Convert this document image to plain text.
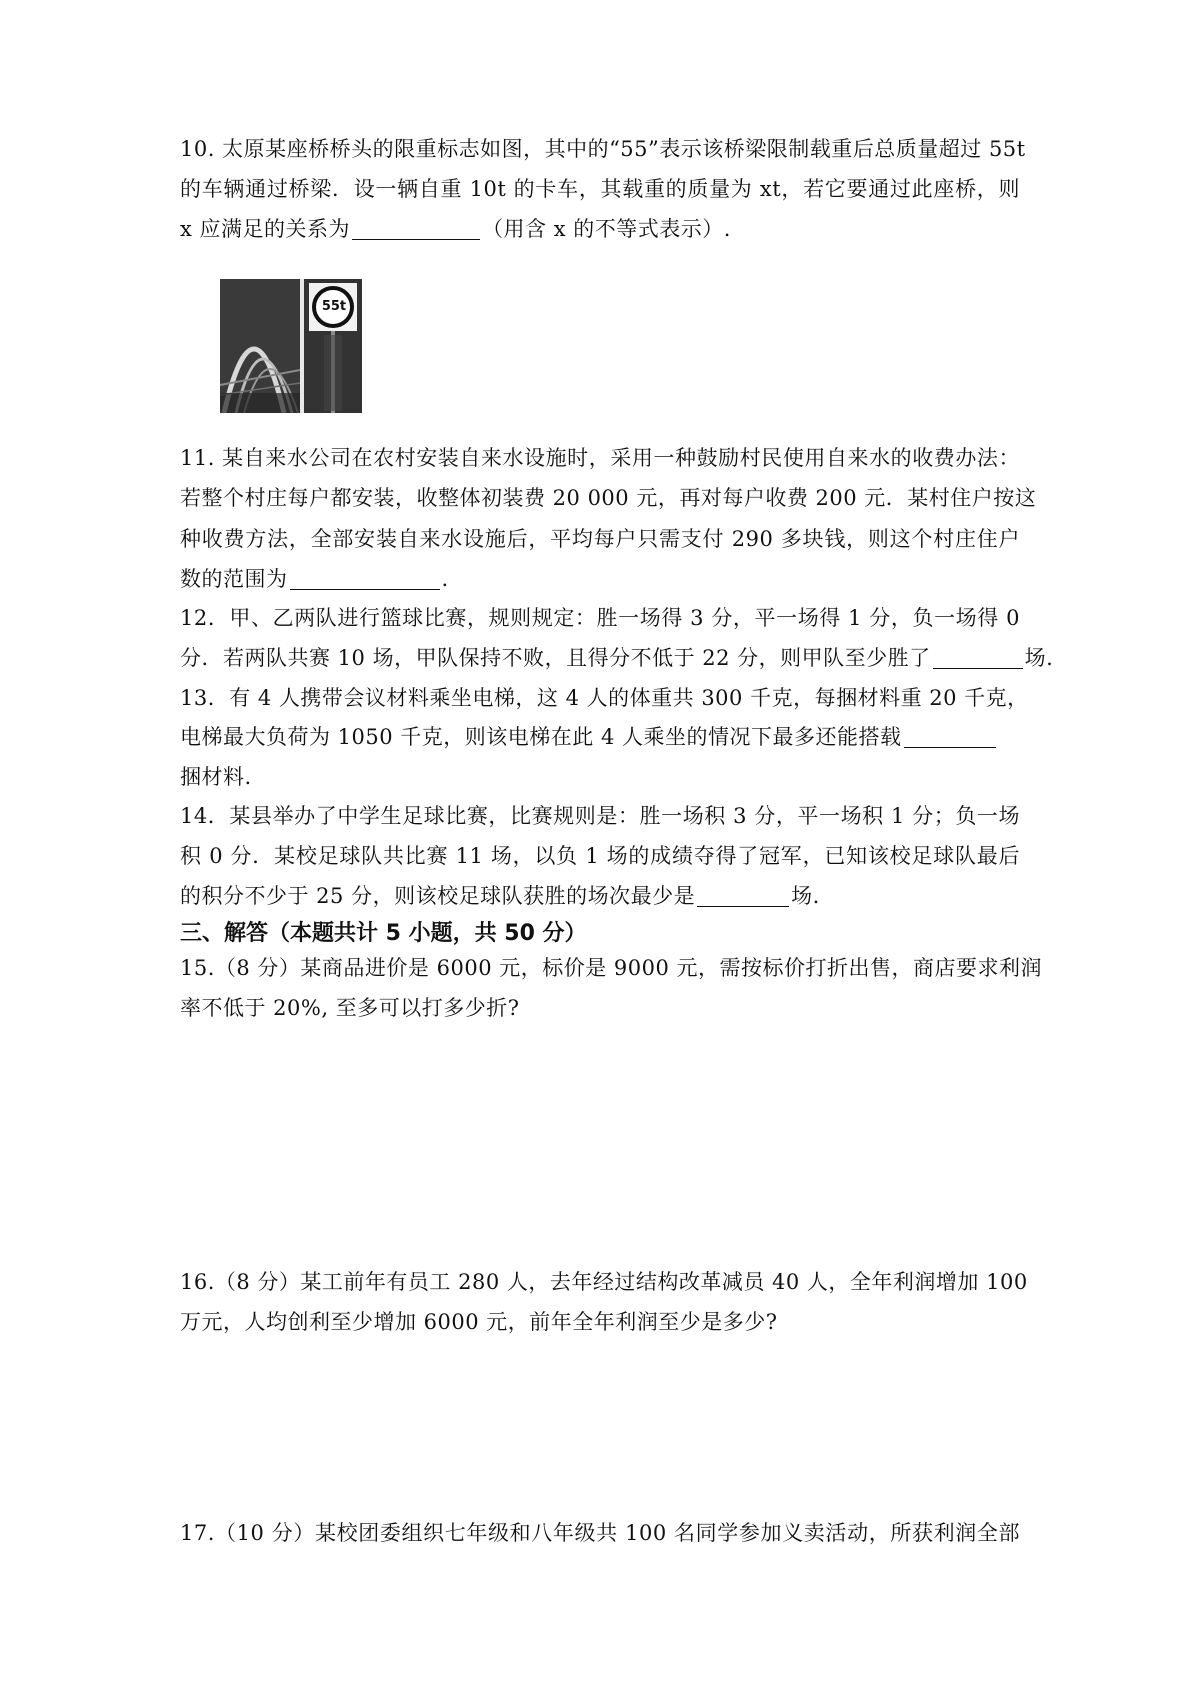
10. 太原某座桥桥头的限重标志如图，其中的“55”表示该桥梁限制载重后总质量超过 55t
的车辆通过桥梁．设一辆自重 10t 的卡车，其载重的质量为 xt，若它要通过此座桥，则
x 应满足的关系为	（用含 x 的不等式表示）.
55t
11. 某自来水公司在农村安装自来水设施时，采用一种鼓励村民使用自来水的收费办法：
若整个村庄每户都安装，收整体初装费 20 000 元，再对每户收费 200 元．某村住户按这
种收费方法，全部安装自来水设施后，平均每户只需支付 290 多块钱，则这个村庄住户
数的范围为	.
12．甲、乙两队进行篮球比赛，规则规定：胜一场得 3 分，平一场得 1 分，负一场得 0
分．若两队共赛 10 场，甲队保持不败，且得分不低于 22 分，则甲队至少胜了	场.
13．有 4 人携带会议材料乘坐电梯，这 4 人的体重共 300 千克，每捆材料重 20 千克，
电梯最大负荷为 1050 千克，则该电梯在此 4 人乘坐的情况下最多还能搭载
捆材料.
14．某县举办了中学生足球比赛，比赛规则是：胜一场积 3 分，平一场积 1 分；负一场
积 0 分．某校足球队共比赛 11 场，以负 1 场的成绩夺得了冠军，已知该校足球队最后
的积分不少于 25 分，则该校足球队获胜的场次最少是	场.
三、解答（本题共计 5 小题，共 50 分）
15.（8 分）某商品进价是 6000 元，标价是 9000 元，需按标价打折出售，商店要求利润
率不低于 20%, 至多可以打多少折?
16.（8 分）某工前年有员工 280 人，去年经过结构改革减员 40 人，全年利润增加 100
万元，人均创利至少增加 6000 元，前年全年利润至少是多少?
17.（10 分）某校团委组织七年级和八年级共 100 名同学参加义卖活动，所获利润全部
